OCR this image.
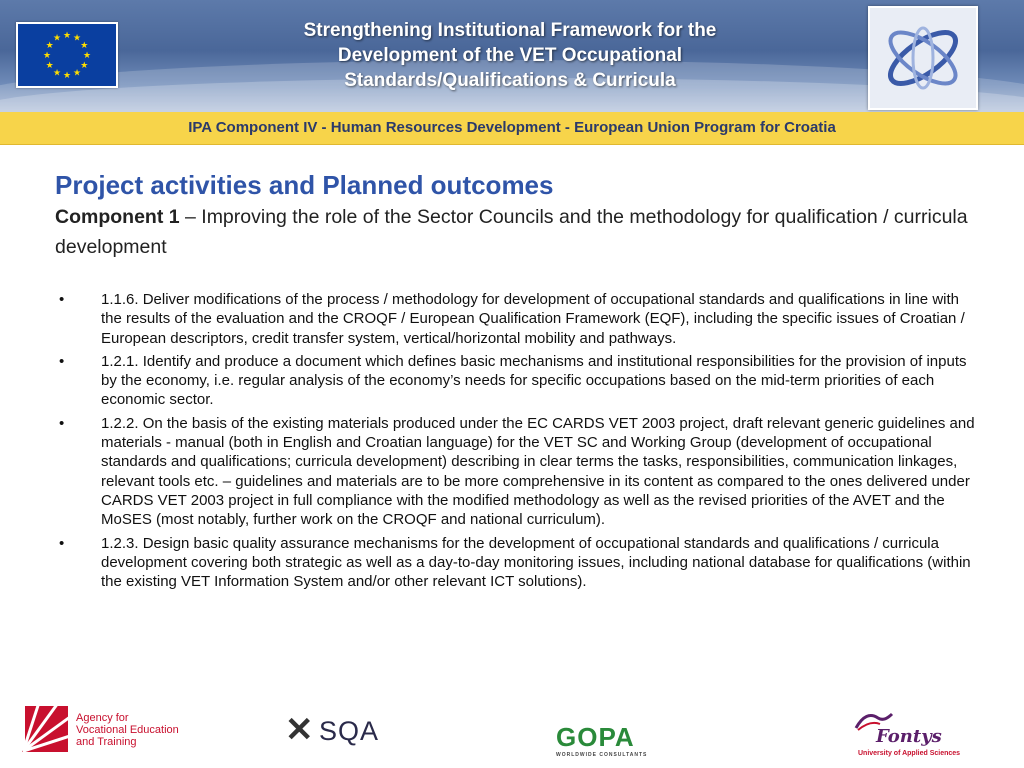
★ ★
★
★
★
★
★
★
★
★
★
★	Strengthening Institutional Framework for the
Development of the VET Occupational
Standards/Qualifications & Curricula
IPA Component IV - Human Resources Development - European Union Program for Croatia
Project activities and Planned outcomes

Component 1 – Improving the role of the Sector Councils and the methodology for qualification / curricula development

• 1.1.6. Deliver modifications of the process / methodology for development of occupational standards and qualifications in line with the results of the evaluation and the CROQF / European Qualification Framework (EQF), including the specific issues of Croatian / European descriptors, credit transfer system, vertical/horizontal mobility and pathways.
• 1.2.1. Identify and produce a document which defines basic mechanisms and institutional responsibilities for the provision of inputs by the economy, i.e. regular analysis of the economy’s needs for specific occupations based on the mid-term priorities of each economic sector.
• 1.2.2. On the basis of the existing materials produced under the EC CARDS VET 2003 project, draft relevant generic guidelines and materials - manual (both in English and Croatian language) for the VET SC and Working Group (development of occupational standards and qualifications; curricula development) describing in clear terms the tasks, responsibilities, communication linkages, relevant tools etc. – guidelines and materials are to be more comprehensive in its content as compared to the ones delivered under CARDS VET 2003 project in full compliance with the modified methodology as well as the revised priorities of the AVET and the MoSES (most notably, further work on the CROQF and national curriculum).
• 1.2.3. Design basic quality assurance mechanisms for the development of occupational standards and qualifications / curricula development covering both strategic as well as a day-to-day monitoring issues, including national database for qualifications (within the existing VET Information System and/or other relevant ICT solutions).
Agency for
Vocational Education
and Training	✕ SQA	GOPA
WORLDWIDE CONSULTANTS
Fontys
University of Applied Sciences
